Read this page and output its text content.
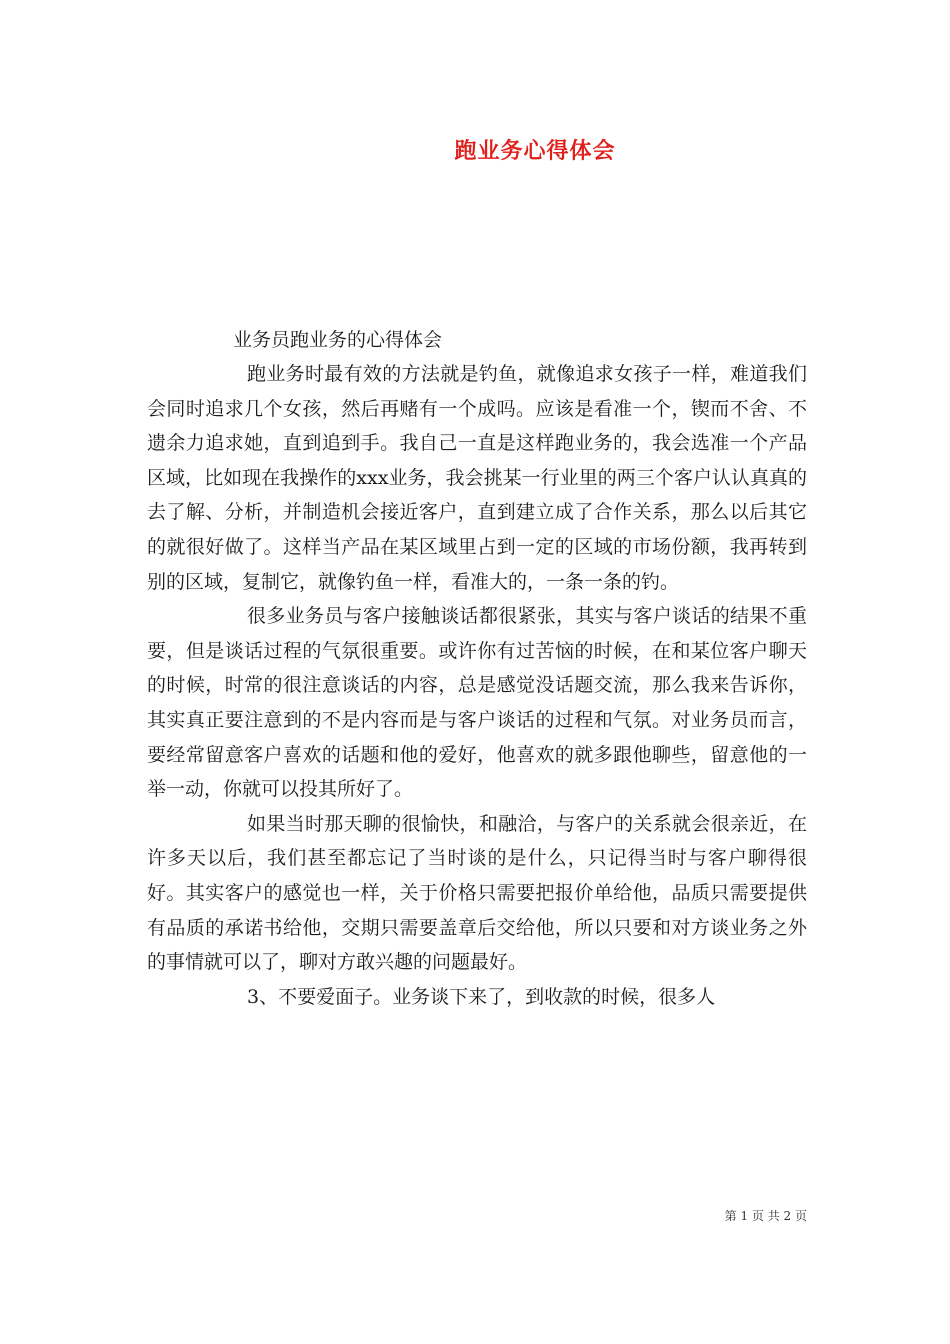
跑业务心得体会
业务员跑业务的心得体会

跑业务时最有效的方法就是钓鱼，就像追求女孩子一样，难道我们会同时追求几个女孩，然后再赌有一个成吗。应该是看准一个，锲而不舍、不遗余力追求她，直到追到手。我自己一直是这样跑业务的，我会选准一个产品区域，比如现在我操作的xxx业务，我会挑某一行业里的两三个客户认认真真的去了解、分析，并制造机会接近客户，直到建立成了合作关系，那么以后其它的就很好做了。这样当产品在某区域里占到一定的区域的市场份额，我再转到别的区域，复制它，就像钓鱼一样，看准大的，一条一条的钓。

很多业务员与客户接触谈话都很紧张，其实与客户谈话的结果不重要，但是谈话过程的气氛很重要。或许你有过苦恼的时候，在和某位客户聊天的时候，时常的很注意谈话的内容，总是感觉没话题交流，那么我来告诉你，其实真正要注意到的不是内容而是与客户谈话的过程和气氛。对业务员而言，要经常留意客户喜欢的话题和他的爱好，他喜欢的就多跟他聊些，留意他的一举一动，你就可以投其所好了。

如果当时那天聊的很愉快，和融洽，与客户的关系就会很亲近，在许多天以后，我们甚至都忘记了当时谈的是什么，只记得当时与客户聊得很好。其实客户的感觉也一样，关于价格只需要把报价单给他，品质只需要提供有品质的承诺书给他，交期只需要盖章后交给他，所以只要和对方谈业务之外的事情就可以了，聊对方敢兴趣的问题最好。

3、不要爱面子。业务谈下来了，到收款的时候，很多人

第 1 页 共 2 页
